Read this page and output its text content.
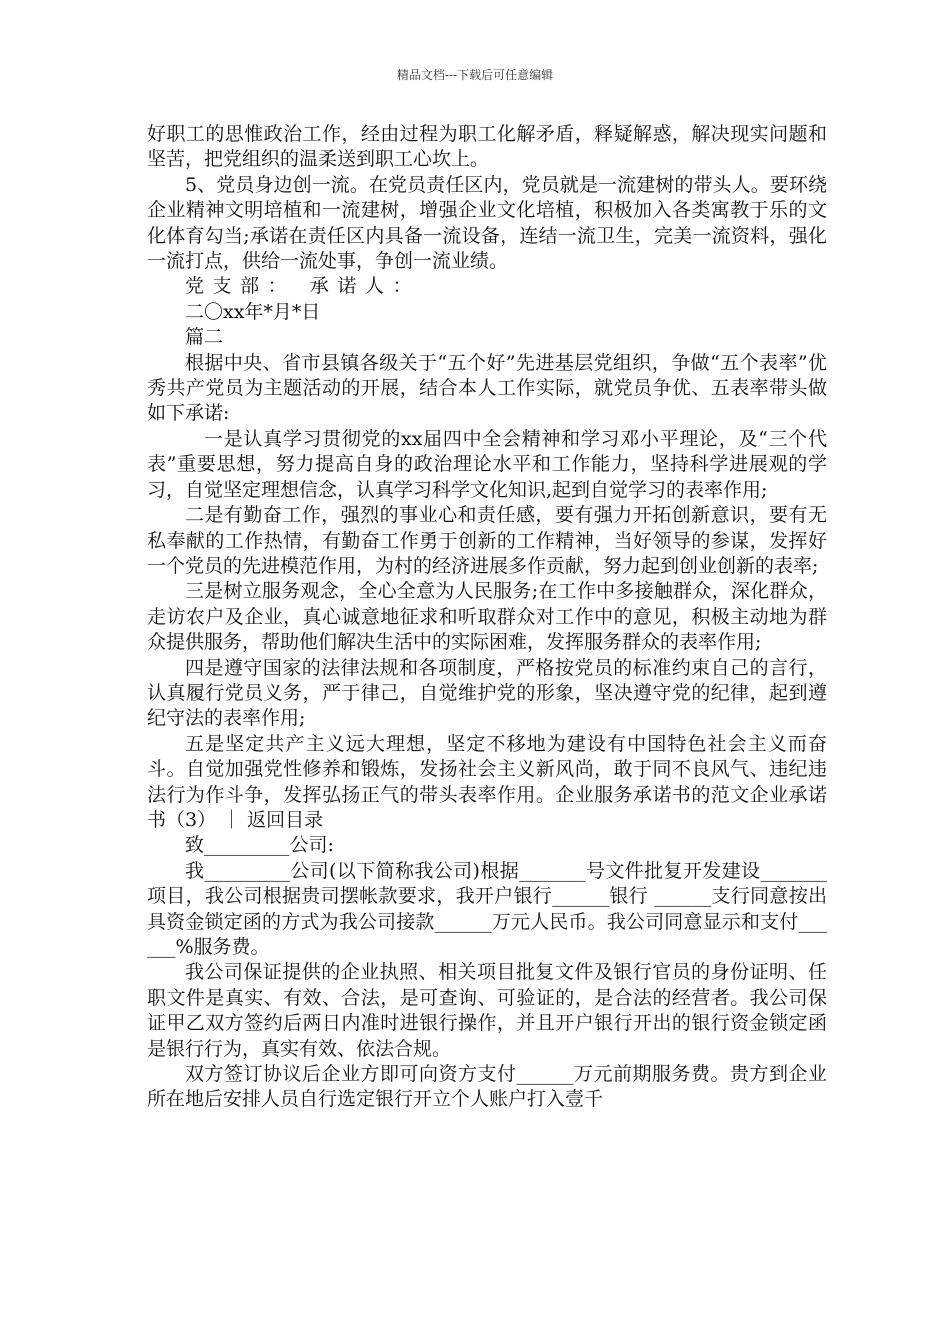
精品文档---下载后可任意编辑

好职工的思惟政治工作，经由过程为职工化解矛盾，释疑解惑，解决现实问题和坚苦，把党组织的温柔送到职工心坎上。

5、党员身边创一流。在党员责任区内，党员就是一流建树的带头人。要环绕企业精神文明培植和一流建树，增强企业文化培植，积极加入各类寓教于乐的文化体育勾当;承诺在责任区内具备一流设备，连结一流卫生，完美一流资料，强化一流打点，供给一流处事，争创一流业绩。

党支部： 承诺人：

二〇xx年*月*日

篇二

根据中央、省市县镇各级关于“五个好”先进基层党组织，争做“五个表率”优秀共产党员为主题活动的开展，结合本人工作实际，就党员争优、五表率带头做如下承诺:

一是认真学习贯彻党的xx届四中全会精神和学习邓小平理论，及“三个代表”重要思想，努力提高自身的政治理论水平和工作能力，坚持科学进展观的学习，自觉坚定理想信念，认真学习科学文化知识,起到自觉学习的表率作用;

二是有勤奋工作，强烈的事业心和责任感，要有强力开拓创新意识，要有无私奉献的工作热情，有勤奋工作勇于创新的工作精神，当好领导的参谋，发挥好一个党员的先进模范作用，为村的经济进展多作贡献，努力起到创业创新的表率;

三是树立服务观念，全心全意为人民服务;在工作中多接触群众，深化群众，走访农户及企业，真心诚意地征求和听取群众对工作中的意见，积极主动地为群众提供服务，帮助他们解决生活中的实际困难，发挥服务群众的表率作用;

四是遵守国家的法律法规和各项制度，严格按党员的标准约束自己的言行，认真履行党员义务，严于律己，自觉维护党的形象，坚决遵守党的纪律，起到遵纪守法的表率作用;

五是坚定共产主义远大理想，坚定不移地为建设有中国特色社会主义而奋斗。自觉加强党性修养和锻炼，发扬社会主义新风尚，敢于同不良风气、违纪违法行为作斗争，发挥弘扬正气的带头表率作用。企业服务承诺书的范文企业承诺书（3） ｜ 返回目录

致_________公司:

我_________公司(以下简称我公司)根据_______号文件批复开发建设_______项目，我公司根据贵司摆帐款要求，我开户银行______银行 ______支行同意按出具资金锁定函的方式为我公司接款______万元人民币。我公司同意显示和支付______%服务费。

我公司保证提供的企业执照、相关项目批复文件及银行官员的身份证明、任职文件是真实、有效、合法，是可查询、可验证的，是合法的经营者。我公司保证甲乙双方签约后两日内准时进银行操作，并且开户银行开出的银行资金锁定函是银行行为，真实有效、依法合规。

双方签订协议后企业方即可向资方支付______万元前期服务费。贵方到企业所在地后安排人员自行选定银行开立个人账户打入壹千
